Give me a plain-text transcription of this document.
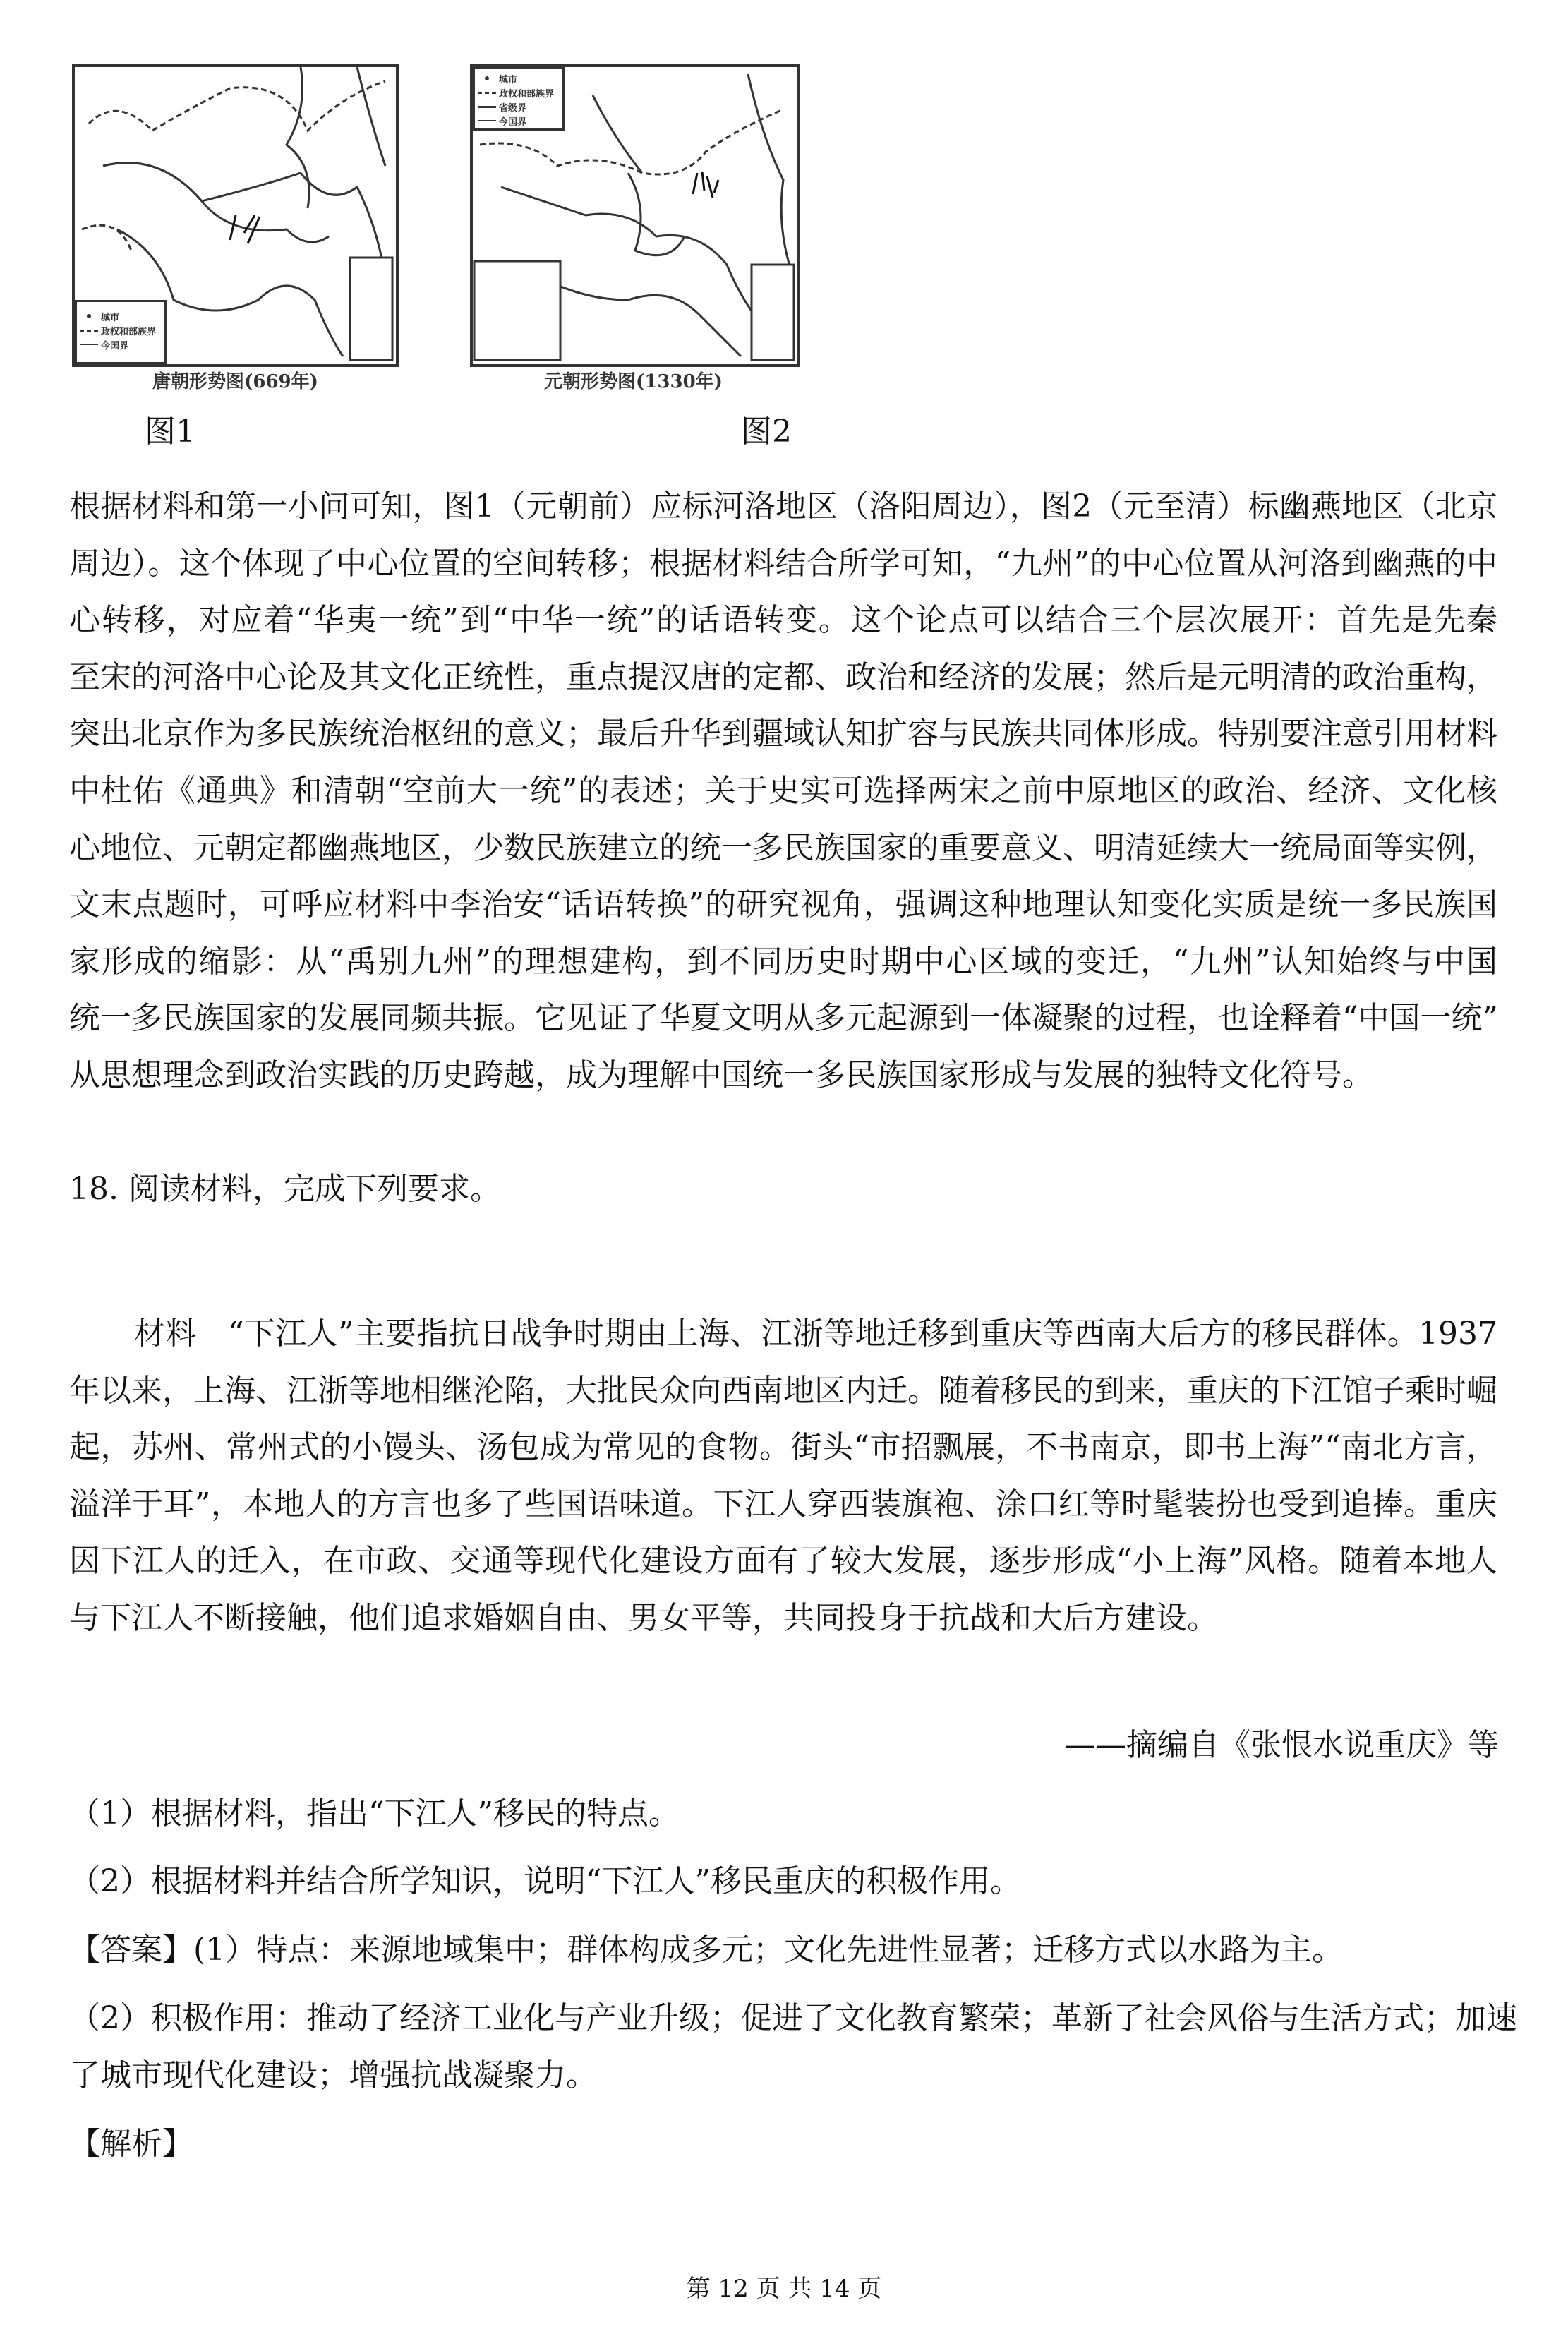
城市
政权和部族界
今国界
唐朝形势图(669年)
图1
城市
政权和部族界
省级界
今国界
元朝形势图(1330年)
图2
根据材料和第一小问可知，图1（元朝前）应标河洛地区（洛阳周边），图2（元至清）标幽燕地区（北京
周边）。这个体现了中心位置的空间转移；根据材料结合所学可知，“九州”的中心位置从河洛到幽燕的中
心转移，对应着“华夷一统”到“中华一统”的话语转变。这个论点可以结合三个层次展开：首先是先秦
至宋的河洛中心论及其文化正统性，重点提汉唐的定都、政治和经济的发展；然后是元明清的政治重构，
突出北京作为多民族统治枢纽的意义；最后升华到疆域认知扩容与民族共同体形成。特别要注意引用材料
中杜佑《通典》和清朝“空前大一统”的表述；关于史实可选择两宋之前中原地区的政治、经济、文化核
心地位、元朝定都幽燕地区，少数民族建立的统一多民族国家的重要意义、明清延续大一统局面等实例，
文末点题时，可呼应材料中李治安“话语转换”的研究视角，强调这种地理认知变化实质是统一多民族国
家形成的缩影：从“禹别九州”的理想建构，到不同历史时期中心区域的变迁，“九州”认知始终与中国
统一多民族国家的发展同频共振。它见证了华夏文明从多元起源到一体凝聚的过程，也诠释着“中国一统”
从思想理念到政治实践的历史跨越，成为理解中国统一多民族国家形成与发展的独特文化符号。
18. 阅读材料，完成下列要求。
材料　“下江人”主要指抗日战争时期由上海、江浙等地迁移到重庆等西南大后方的移民群体。1937
年以来，上海、江浙等地相继沦陷，大批民众向西南地区内迁。随着移民的到来，重庆的下江馆子乘时崛
起，苏州、常州式的小馒头、汤包成为常见的食物。街头“市招飘展，不书南京，即书上海”“南北方言，
溢洋于耳”，本地人的方言也多了些国语味道。下江人穿西装旗袍、涂口红等时髦装扮也受到追捧。重庆
因下江人的迁入，在市政、交通等现代化建设方面有了较大发展，逐步形成“小上海”风格。随着本地人
与下江人不断接触，他们追求婚姻自由、男女平等，共同投身于抗战和大后方建设。
——摘编自《张恨水说重庆》等
（1）根据材料，指出“下江人”移民的特点。
（2）根据材料并结合所学知识，说明“下江人”移民重庆的积极作用。
【答案】(1）特点：来源地域集中；群体构成多元；文化先进性显著；迁移方式以水路为主。
（2）积极作用：推动了经济工业化与产业升级；促进了文化教育繁荣；革新了社会风俗与生活方式；加速
了城市现代化建设；增强抗战凝聚力。
【解析】
第 12 页 共 14 页
